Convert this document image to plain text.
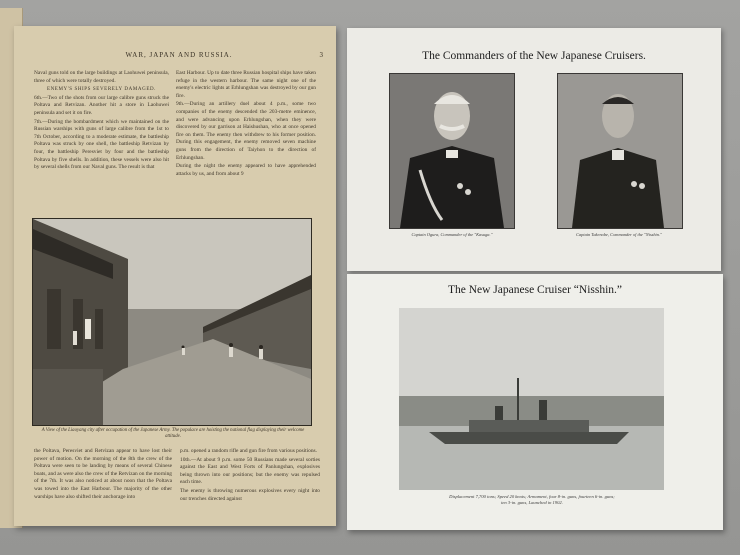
WAR, JAPAN AND RUSSIA.	3

Naval guns told on the large buildings at Laohuwei peninsula, three of which were totally destroyed.

ENEMY'S SHIPS SEVERELY DAMAGED.

6th.—Two of the shots from our large calibre guns struck the Poltava and Retvizan. Another hit a store in Laohuwei peninsula and set it on fire.

7th.—During the bombardment which we maintained on the Russian warships with guns of large calibre from the 1st to 7th October, according to a moderate estimate, the battleship Poltava was struck by one shell, the battleship Retvizan by four, the battleship Peresviet by four and the battleship Poltava by five shells. In addition, these vessels were also hit by several shells from our Naval guns. The result is that

East Harbour. Up to date three Russian hospital ships have taken refuge in the western harbour. The same night one of the enemy's electric lights at Erhlungshan was destroyed by our gun fire.

9th.—During an artillery duel about 4 p.m., some two companies of the enemy descended the 203-metre eminence, and were advancing upon Erhlungshan, when they were discovered by our garrison at Haishushan, who at once opened fire on them. The enemy then withdrew to his former position. During this engagement, the enemy removed seven machine guns from the direction of Taiyhon to the direction of Erhlungshan.

During the night the enemy appeared to have apprehended attacks by us, and from about 9

A View of the Liaoyang city after occupation of the Japanese Army. The populace are hoisting the national flag displaying their welcome attitude.

the Poltava, Peresviet and Retvizan appear to have lost their power of motion. On the morning of the 8th the crew of the Poltava were seen to be landing by means of several Chinese boats, and as were also the crew of the Retvizan on the morning of the 7th. It was also noticed at about noon that the Poltava was towed into the East Harbour. The majority of the other warships have also shifted their anchorage into

p.m. opened a random rifle and gun fire from various positions.

10th.—At about 9 p.m. some 50 Russians made several sorties against the East and West Forts of Panlungshan, explosives being thrown into our positions; but the enemy was repulsed each time.

The enemy is throwing numerous explosives every night into our trenches directed against

The Commanders of the New Japanese Cruisers.
Captain Ogura, Commander of the "Kasuga."	Captain Takenobe, Commander of the "Nisshin."
The New Japanese Cruiser “Nisshin.”
Displacement 7,700 tons; Speed 20 knots; Armament, four 8-in. guns, fourteen 6-in. guns;
ten 3-in. guns, Launched in 1902.
